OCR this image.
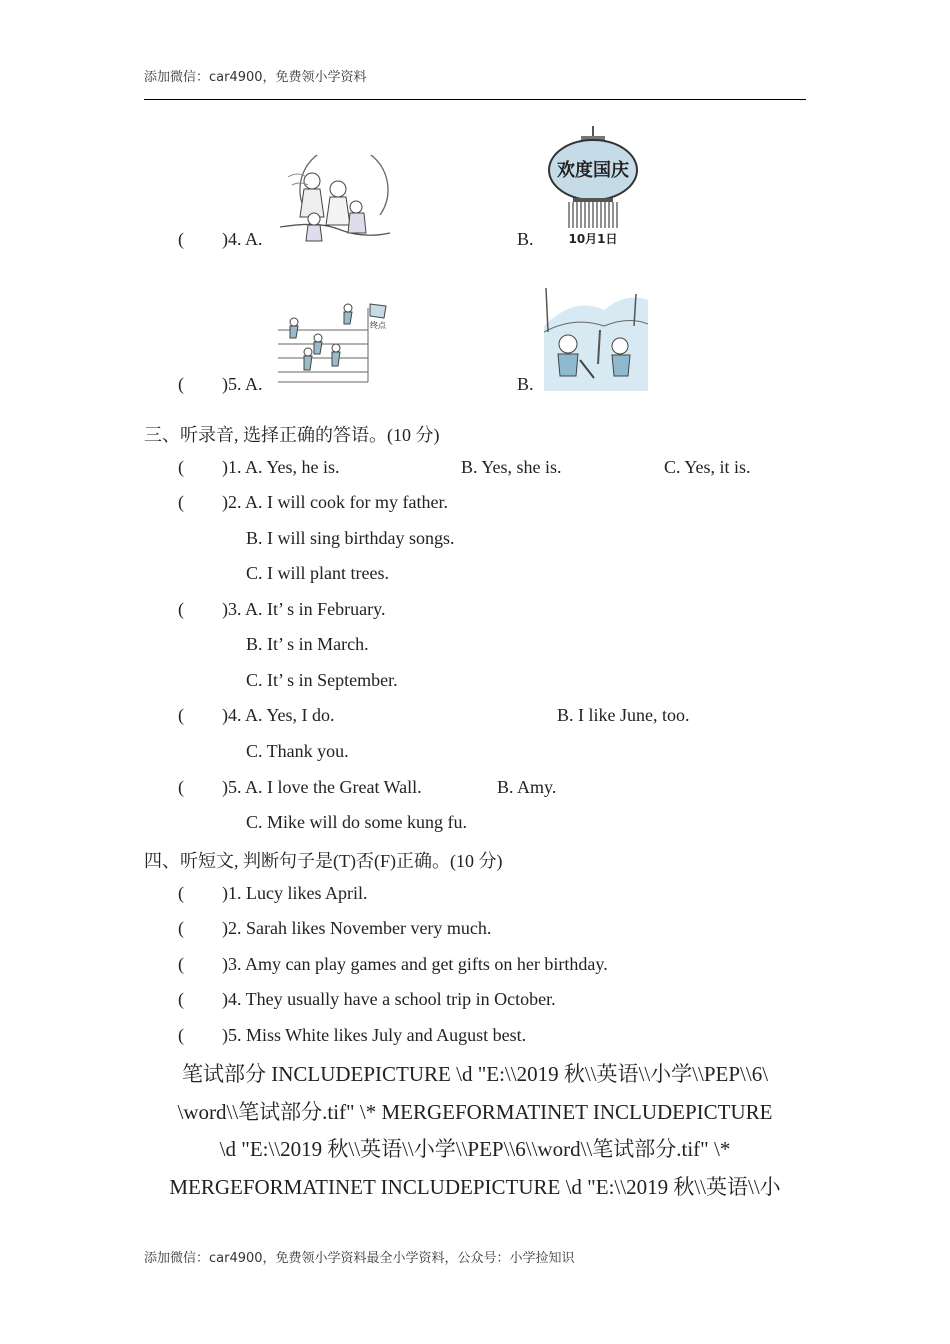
添加微信：car4900，免费领小学资料
( )4. A.	B.
欢度国庆
10月1日
( )5. A.
终点
B.
三、听录音, 选择正确的答语。(10 分)
( )1. A. Yes, he is.	B. Yes, she is.	C. Yes, it is.
( )2. A. I will cook for my father.
B. I will sing birthday songs.
C. I will plant trees.
( )3. A. It’ s in February.
B. It’ s in March.
C. It’ s in September.
( )4. A. Yes, I do.	B. I like June, too.
C. Thank you.
( )5. A. I love the Great Wall.	B. Amy.
C. Mike will do some kung fu.
四、听短文, 判断句子是(T)否(F)正确。(10 分)
( )1. Lucy likes April.
( )2. Sarah likes November very much.
( )3. Amy can play games and get gifts on her birthday.
( )4. They usually have a school trip in October.
( )5. Miss White likes July and August best.
笔试部分 INCLUDEPICTURE \d "E:\\2019 秋\\英语\\小学\\PEP\\6\
\word\\笔试部分.tif" \* MERGEFORMATINET INCLUDEPICTURE
\d "E:\\2019 秋\\英语\\小学\\PEP\\6\\word\\笔试部分.tif" \*
MERGEFORMATINET INCLUDEPICTURE \d "E:\\2019 秋\\英语\\小
添加微信：car4900，免费领小学资料最全小学资料，公众号：小学捡知识
